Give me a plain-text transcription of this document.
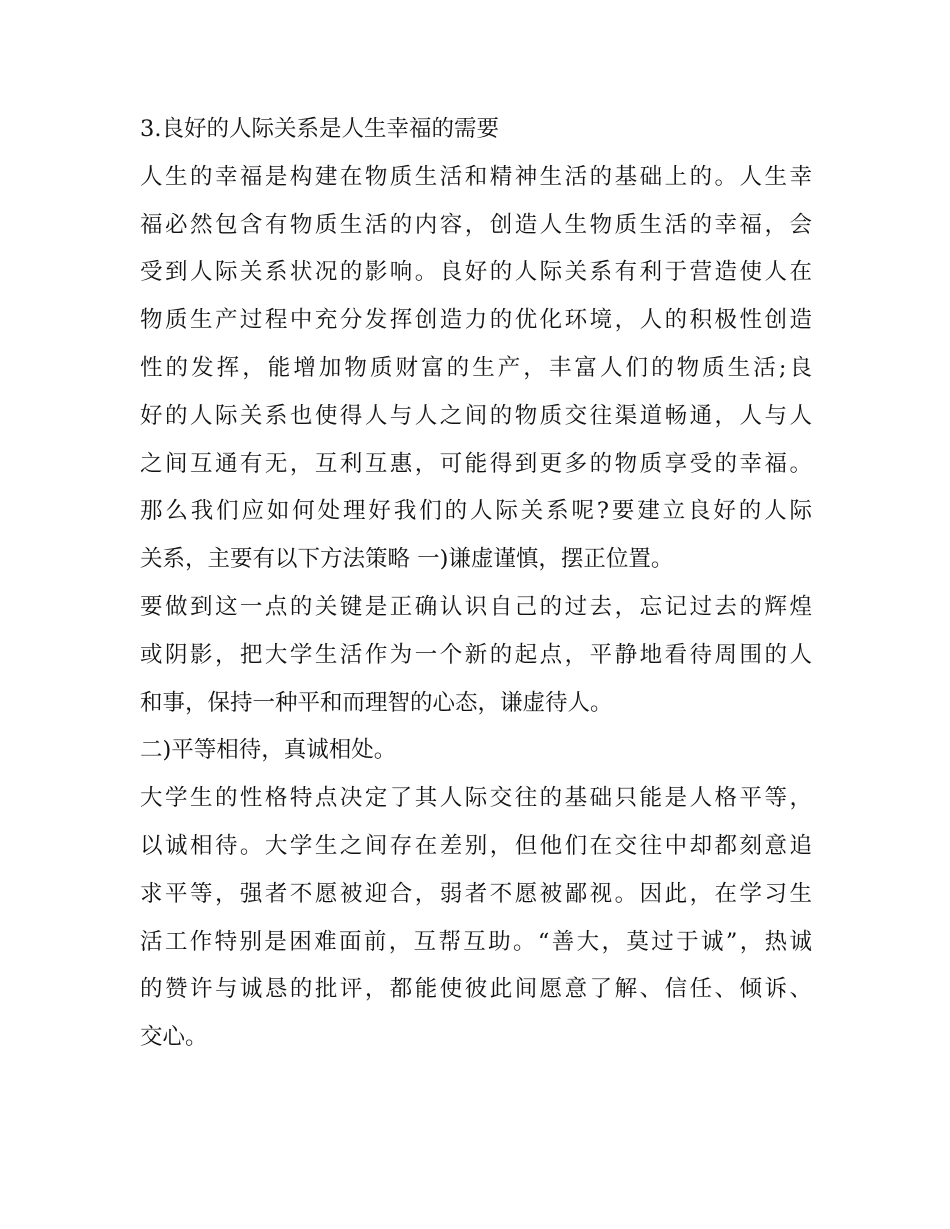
3.良好的人际关系是人生幸福的需要
人生的幸福是构建在物质生活和精神生活的基础上的。人生幸
福必然包含有物质生活的内容，创造人生物质生活的幸福，会
受到人际关系状况的影响。良好的人际关系有利于营造使人在
物质生产过程中充分发挥创造力的优化环境，人的积极性创造
性的发挥，能增加物质财富的生产，丰富人们的物质生活;良
好的人际关系也使得人与人之间的物质交往渠道畅通，人与人
之间互通有无，互利互惠，可能得到更多的物质享受的幸福。
那么我们应如何处理好我们的人际关系呢?要建立良好的人际
关系，主要有以下方法策略 一)谦虚谨慎，摆正位置。
要做到这一点的关键是正确认识自己的过去，忘记过去的辉煌
或阴影，把大学生活作为一个新的起点，平静地看待周围的人
和事，保持一种平和而理智的心态，谦虚待人。
二)平等相待，真诚相处。
大学生的性格特点决定了其人际交往的基础只能是人格平等，
以诚相待。大学生之间存在差别，但他们在交往中却都刻意追
求平等，强者不愿被迎合，弱者不愿被鄙视。因此，在学习生
活工作特别是困难面前，互帮互助。“善大，莫过于诚”，热诚
的赞许与诚恳的批评，都能使彼此间愿意了解、信任、倾诉、
交心。
